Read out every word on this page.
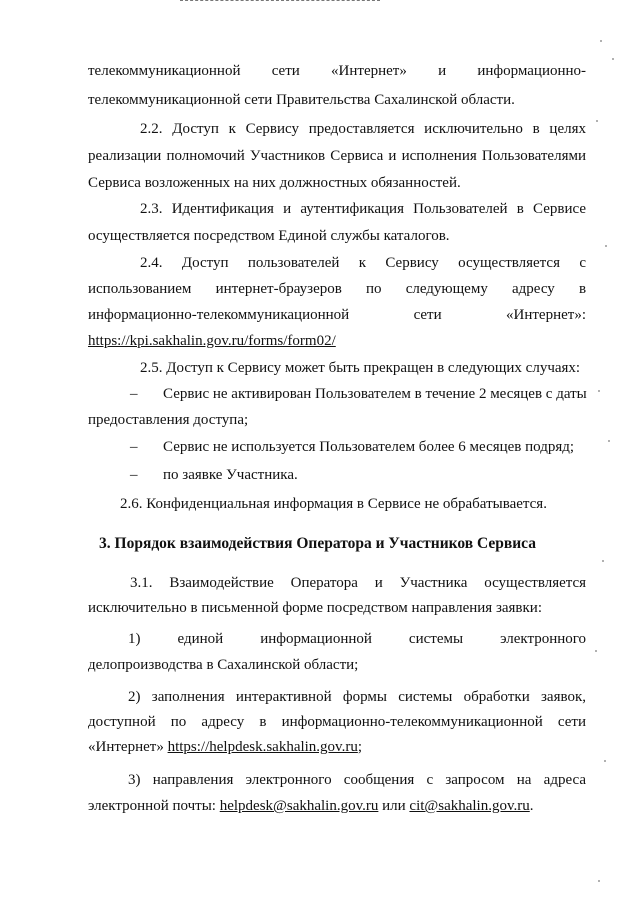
телекоммуникационной сети «Интернет» и информационно-
телекоммуникационной сети Правительства Сахалинской области.
2.2. Доступ к Сервису предоставляется исключительно в целях
реализации полномочий Участников Сервиса и исполнения Пользователями
Сервиса возложенных на них должностных обязанностей.
2.3. Идентификация и аутентификация Пользователей в Сервисе
осуществляется посредством Единой службы каталогов.
2.4. Доступ пользователей к Сервису осуществляется с
использованием интернет-браузеров по следующему адресу в
информационно-телекоммуникационной	сети	«Интернет»:
https://kpi.sakhalin.gov.ru/forms/form02/
2.5. Доступ к Сервису может быть прекращен в следующих случаях:
– Сервис не активирован Пользователем в течение 2 месяцев с даты
предоставления доступа;
– Сервис не используется Пользователем более 6 месяцев подряд;
– по заявке Участника.
2.6. Конфиденциальная информация в Сервисе не обрабатывается.
3. Порядок взаимодействия Оператора и Участников Сервиса
3.1. Взаимодействие Оператора и Участника осуществляется
исключительно в письменной форме посредством направления заявки:
1) единой информационной системы электронного
делопроизводства в Сахалинской области;
2) заполнения интерактивной формы системы обработки заявок,
доступной по адресу в информационно-телекоммуникационной сети
«Интернет» https://helpdesk.sakhalin.gov.ru;
3) направления электронного сообщения с запросом на адреса
электронной почты: helpdesk@sakhalin.gov.ru или cit@sakhalin.gov.ru.
